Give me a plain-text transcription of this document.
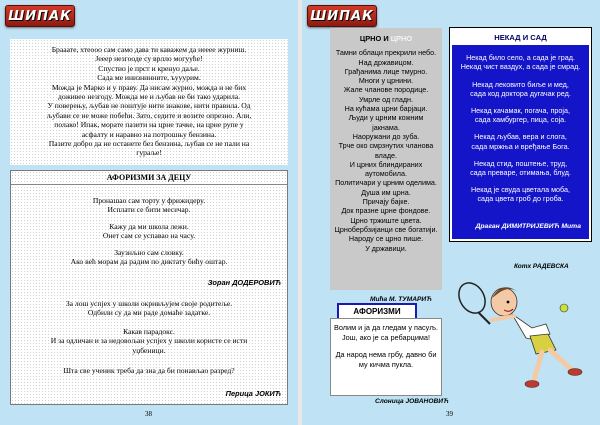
ШИПАК	ШИПАК

Брааате, хтеооо сам само дава ти каважем да нееее журниш.

Јееер незгооде су врлло могууће!

Спустио је прст и кренуо даље.

Сада ме инизнинните, ъууурим.

Можда је Марко и у праву. Да нисам журио, можда и не бих

доживео незгоду. Можда ме и љубав не би тако ударила.

У поверењу, љубав не поштује нити знакове, нити правила. Од

љубави се не може побећи. Зато, седите и возите опрезно. Али,

полако! Ипак, морате пазити на црне тачке, на црне рупе у

асфалту и наравно на потрошњу бензина.

Пазите добро да не останете без бензина, љубав се не пали на

гураље!

АФОРИЗМИ ЗА ДЕЦУ

Пронашао сам торту у фрижидеру.

Исплати се бити месечар.

Кажу да ми школа лежи.

Онет сам се успавао на часу.

Заузнљно сам словку.

Ако већ морам да радим по диктату бићу оштар.

Зоран ДОДЕРОВИЋ

За лош успјех у школи окривљујем своје родитеље.

Одбили су да ми раде домаће задатке.

Какав парадокс.

И за одличан и за недовољан успјех у школи користе се исти

уџбеници.

Шта све ученик треба да зна да би понављао разред?

Перица ЈОКИЋ
38

ЦРНО И ЦРНО

Тамни облаци прекрили небо.

Над државицом.

Грађанима лице тмурно.

Многи у црнини.

Жале чланове породице.

Умрле од гладн.

На кућама црни барјаци.

Људи у црним кожним

јакнама.

Наоружани до зуба.

Трче око смрзнутих чланова

владе.

И црних блиндираних

аутомобила.

Политичари у црним оделима.

Душа им црна.

Причају бајке.

Док празне црне фондове.

Црно тржиште цвета.

Црнобербзијанци све богатији.

Народу се црно пише.

У државици.

Мића М. ТУМАРИЋ

НЕКАД И САД

Некад било село, а сада је град.

Некад чист ваздух, а сада је смрад.

Некад лековито биље и мед,

сада код доктора дугачак ред.

Некад качамак, погача, проја,

сада хамбургер, пица, соја.

Некад љубав, вера и слога,

сада мржња и вређање Бога.

Некад стид, поштење, труд,

сада преваре, отимања, блуд.

Некад је свуда цветала моба,

сада цвета гроб до гроба.

Драган ДИМИТРИЈЕВИЋ Мита

Котх РАДЕВСКА
АФОРИЗМИ

Волим и ја да гледам у пасуљ.

Још, ако је са ребарцима!

Да народ нема грбу, давно би

му кичма пукла.

Слоница ЈОВАНОВИЋ
39
